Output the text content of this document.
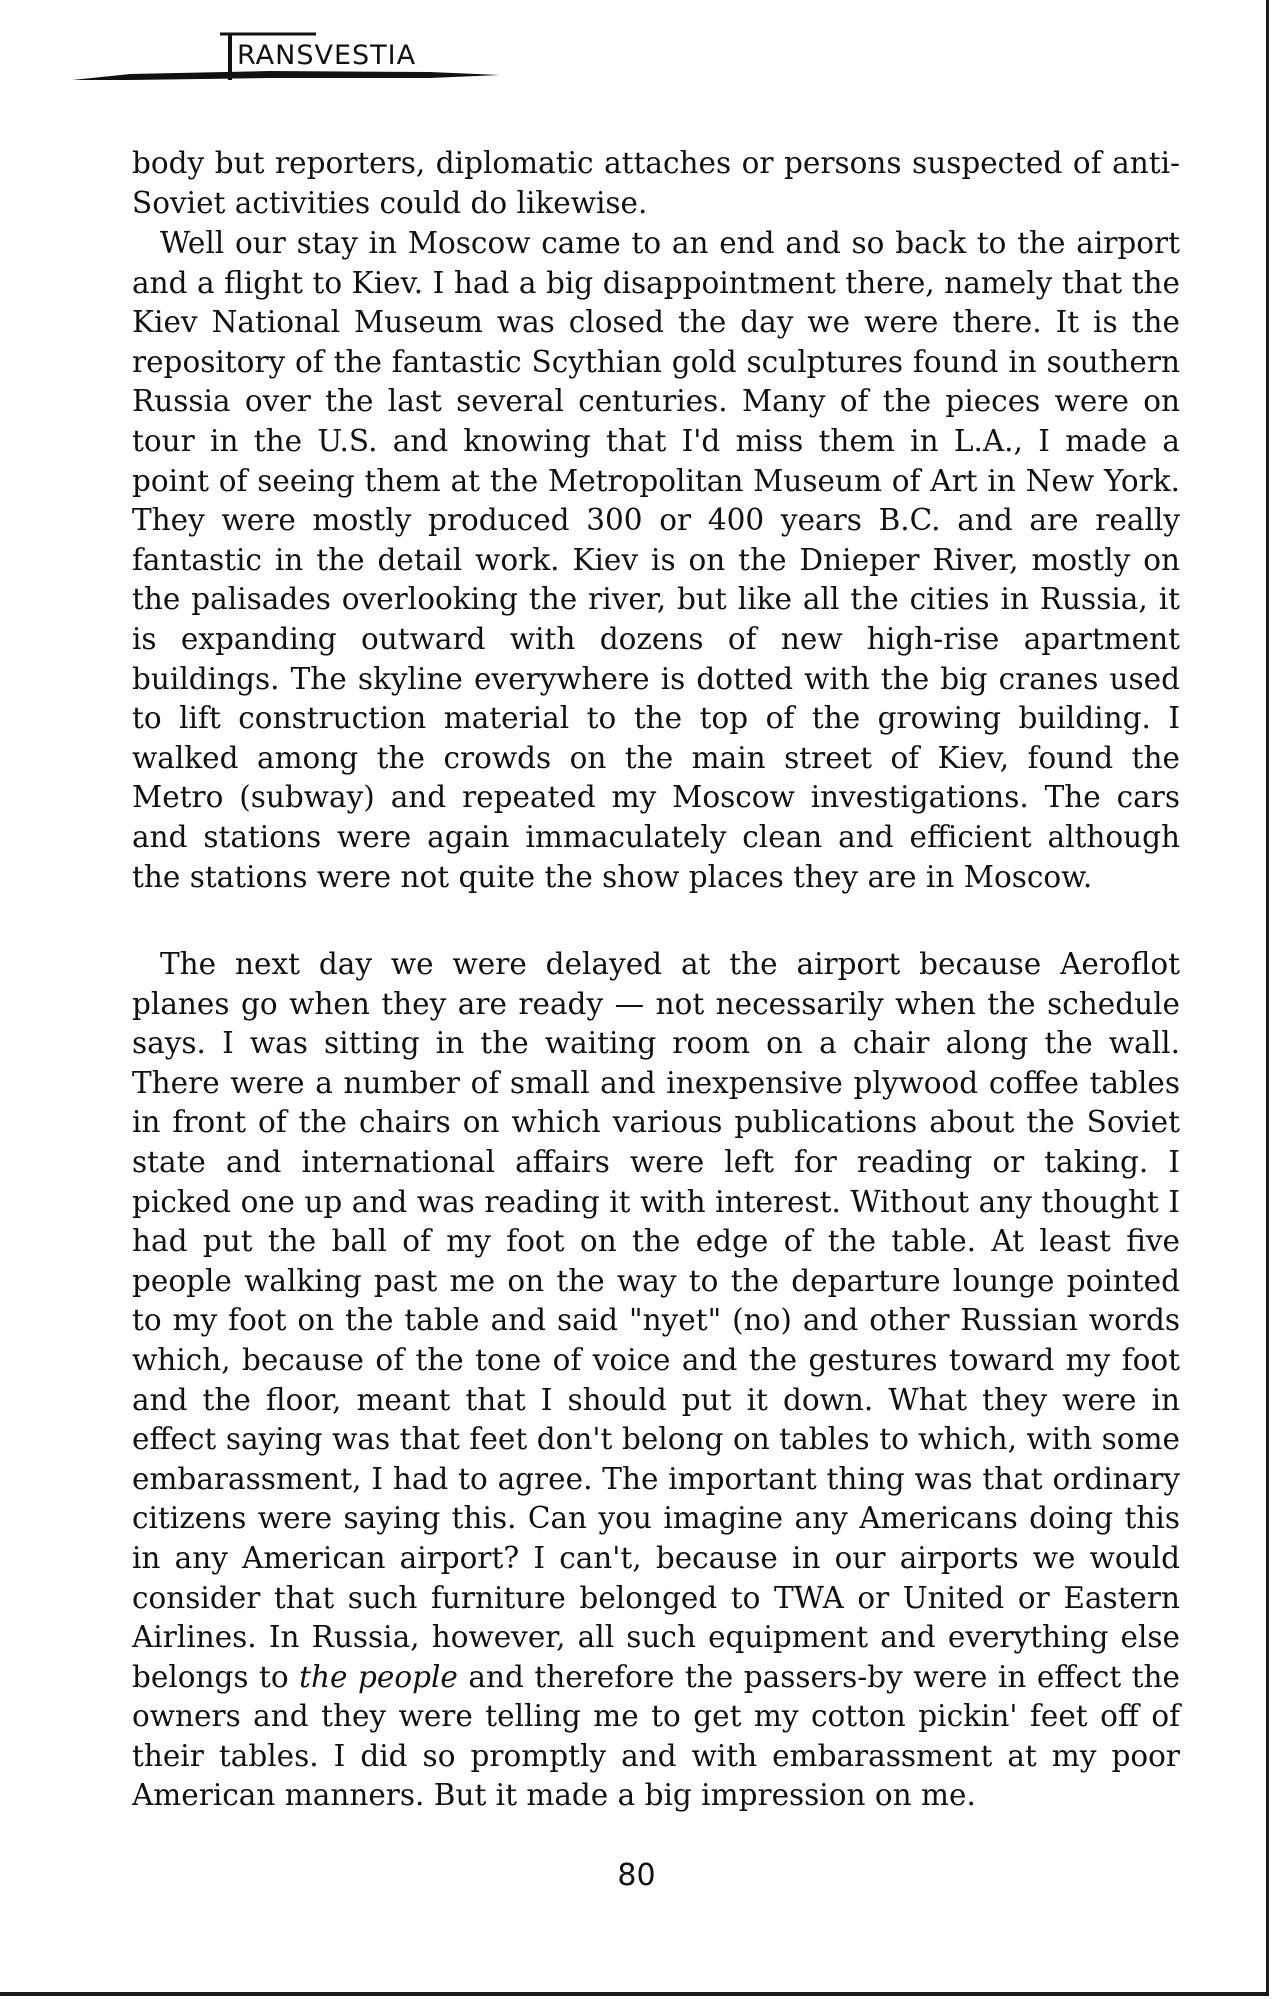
RANSVESTIA

body but reporters, diplomatic attaches or persons suspected of anti-Soviet activities could do likewise.

Well our stay in Moscow came to an end and so back to the airport and a flight to Kiev. I had a big disappointment there, namely that the Kiev National Museum was closed the day we were there. It is the repository of the fantastic Scythian gold sculptures found in southern Russia over the last several centuries. Many of the pieces were on tour in the U.S. and knowing that I'd miss them in L.A., I made a point of seeing them at the Metropolitan Museum of Art in New York. They were mostly produced 300 or 400 years B.C. and are really fantastic in the detail work. Kiev is on the Dnieper River, mostly on the palisades overlooking the river, but like all the cities in Russia, it is expanding outward with dozens of new high-rise apartment buildings. The skyline everywhere is dotted with the big cranes used to lift construction material to the top of the growing building. I walked among the crowds on the main street of Kiev, found the Metro (subway) and repeated my Moscow investigations. The cars and stations were again immaculately clean and efficient although the stations were not quite the show places they are in Moscow.

The next day we were delayed at the airport because Aeroflot planes go when they are ready — not necessarily when the schedule says. I was sitting in the waiting room on a chair along the wall. There were a number of small and inexpensive plywood coffee tables in front of the chairs on which various publications about the Soviet state and international affairs were left for reading or taking. I picked one up and was reading it with interest. Without any thought I had put the ball of my foot on the edge of the table. At least five people walking past me on the way to the departure lounge pointed to my foot on the table and said "nyet" (no) and other Russian words which, because of the tone of voice and the gestures toward my foot and the floor, meant that I should put it down. What they were in effect saying was that feet don't belong on tables to which, with some embarassment, I had to agree. The important thing was that ordinary citizens were saying this. Can you imagine any Americans doing this in any American airport? I can't, because in our airports we would consider that such furniture belonged to TWA or United or Eastern Airlines. In Russia, however, all such equipment and everything else belongs to the people and therefore the passers-by were in effect the owners and they were telling me to get my cotton pickin' feet off of their tables. I did so promptly and with embarassment at my poor American manners. But it made a big impression on me.

80
